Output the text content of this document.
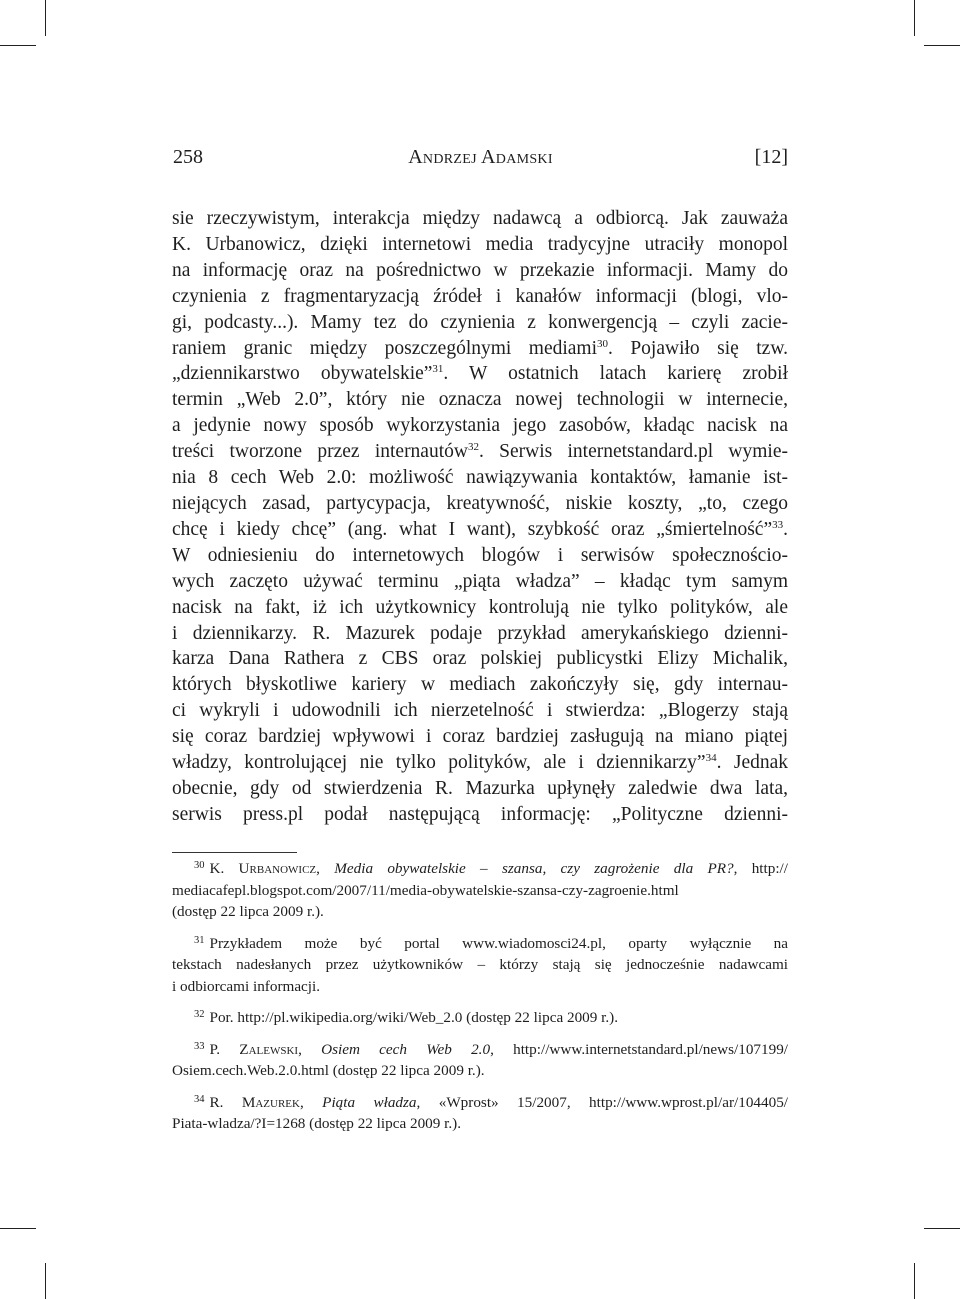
258	Andrzej Adamski	[12]

sie rzeczywistym, interakcja między nadawcą a odbiorcą. Jak zauważa

K. Urbanowicz, dzięki internetowi media tradycyjne utraciły monopol

na informację oraz na pośrednictwo w przekazie informacji. Mamy do

czynienia z fragmentaryzacją źródeł i kanałów informacji (blogi, vlo-

gi, podcasty...). Mamy tez do czynienia z konwergencją – czyli zacie-

raniem granic między poszczególnymi mediami$^{30}$. Pojawiło się tzw.

„dziennikarstwo obywatelskie”$^{31}$. W ostatnich latach karierę zrobił

termin „Web 2.0”, który nie oznacza nowej technologii w internecie,

a jedynie nowy sposób wykorzystania jego zasobów, kładąc nacisk na

treści tworzone przez internautów$^{32}$. Serwis internetstandard.pl wymie-

nia 8 cech Web 2.0: możliwość nawiązywania kontaktów, łamanie ist-

niejących zasad, partycypacja, kreatywność, niskie koszty, „to, czego

chcę i kiedy chcę” (ang. what I want), szybkość oraz „śmiertelność”$^{33}$.

W odniesieniu do internetowych blogów i serwisów społecznościo-

wych zaczęto używać terminu „piąta władza” – kładąc tym samym

nacisk na fakt, iż ich użytkownicy kontrolują nie tylko polityków, ale

i dziennikarzy. R. Mazurek podaje przykład amerykańskiego dzienni-

karza Dana Rathera z CBS oraz polskiej publicystki Elizy Michalik,

których błyskotliwe kariery w mediach zakończyły się, gdy internau-

ci wykryli i udowodnili ich nierzetelność i stwierdza: „Blogerzy stają

się coraz bardziej wpływowi i coraz bardziej zasługują na miano piątej

władzy, kontrolującej nie tylko polityków, ale i dziennikarzy”$^{34}$. Jednak

obecnie, gdy od stwierdzenia R. Mazurka upłynęły zaledwie dwa lata,

serwis press.pl podał następującą informację: „Polityczne dzienni-

$^{30}$ K. Urbanowicz, Media obywatelskie – szansa, czy zagrożenie dla PR?, http://
mediacafepl.blogspot.com/2007/11/media-obywatelskie-szansa-czy-zagroenie.html
(dostęp 22 lipca 2009 r.).
$^{31}$ Przykładem może być portal www.wiadomosci24.pl, oparty wyłącznie na
tekstach nadesłanych przez użytkowników – którzy stają się jednocześnie nadawcami
i odbiorcami informacji.
$^{32}$ Por. http://pl.wikipedia.org/wiki/Web_2.0 (dostęp 22 lipca 2009 r.).
$^{33}$ P. Zalewski, Osiem cech Web 2.0, http://www.internetstandard.pl/news/107199/
Osiem.cech.Web.2.0.html (dostęp 22 lipca 2009 r.).
$^{34}$ R. Mazurek, Piąta władza, «Wprost» 15/2007, http://www.wprost.pl/ar/104405/
Piata-wladza/?I=1268 (dostęp 22 lipca 2009 r.).
